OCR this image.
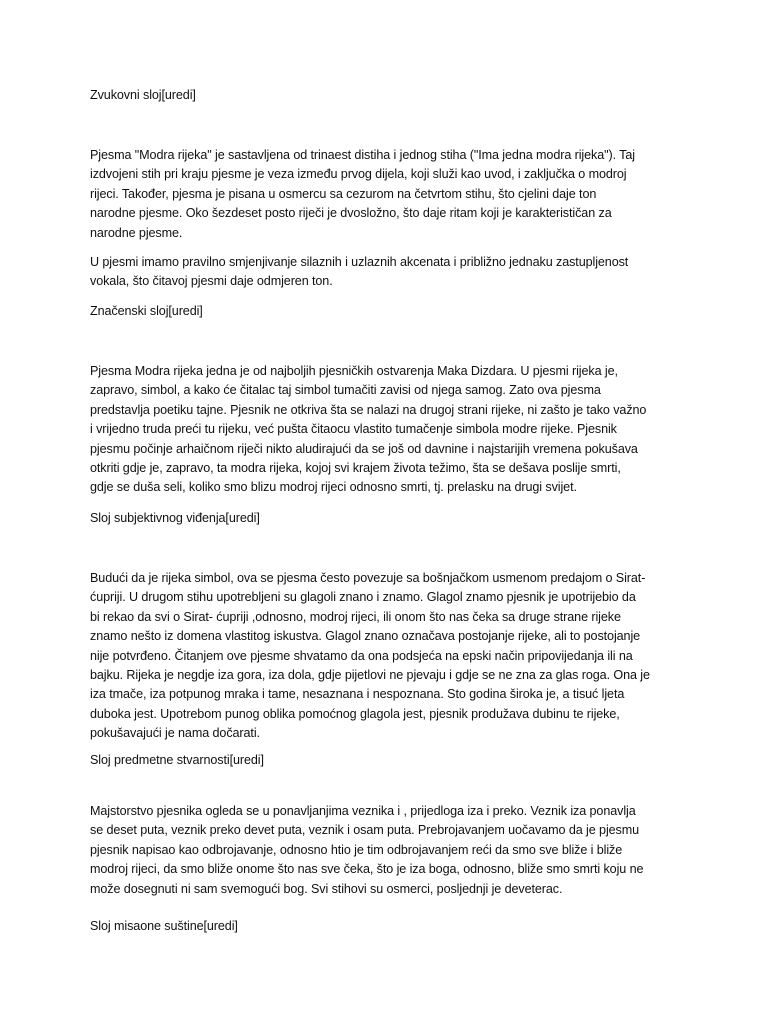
Zvukovni sloj[uredi]

Pjesma "Modra rijeka" je sastavljena od trinaest distiha i jednog stiha ("Ima jedna modra rijeka"). Taj
izdvojeni stih pri kraju pjesme je veza između prvog dijela, koji služi kao uvod, i zaključka o modroj
rijeci. Također, pjesma je pisana u osmercu sa cezurom na četvrtom stihu, što cjelini daje ton
narodne pjesme. Oko šezdeset posto riječi je dvosložno, što daje ritam koji je karakterističan za
narodne pjesme.

U pjesmi imamo pravilno smjenjivanje silaznih i uzlaznih akcenata i približno jednaku zastupljenost
vokala, što čitavoj pjesmi daje odmjeren ton.

Značenski sloj[uredi]

Pjesma Modra rijeka jedna je od najboljih pjesničkih ostvarenja Maka Dizdara. U pjesmi rijeka je,
zapravo, simbol, a kako će čitalac taj simbol tumačiti zavisi od njega samog. Zato ova pjesma
predstavlja poetiku tajne. Pjesnik ne otkriva šta se nalazi na drugoj strani rijeke, ni zašto je tako važno
i vrijedno truda preći tu rijeku, već pušta čitaocu vlastito tumačenje simbola modre rijeke. Pjesnik
pjesmu počinje arhaičnom riječi nikto aludirajući da se još od davnine i najstarijih vremena pokušava
otkriti gdje je, zapravo, ta modra rijeka, kojoj svi krajem života težimo, šta se dešava poslije smrti,
gdje se duša seli, koliko smo blizu modroj rijeci odnosno smrti, tj. prelasku na drugi svijet.

Sloj subjektivnog viđenja[uredi]

Budući da je rijeka simbol, ova se pjesma često povezuje sa bošnjačkom usmenom predajom o Sirat-
ćupriji. U drugom stihu upotrebljeni su glagoli znano i znamo. Glagol znamo pjesnik je upotrijebio da
bi rekao da svi o Sirat- ćupriji ,odnosno, modroj rijeci, ili onom što nas čeka sa druge strane rijeke
znamo nešto iz domena vlastitog iskustva. Glagol znano označava postojanje rijeke, ali to postojanje
nije potvrđeno. Čitanjem ove pjesme shvatamo da ona podsjeća na epski način pripovijedanja ili na
bajku. Rijeka je negdje iza gora, iza dola, gdje pijetlovi ne pjevaju i gdje se ne zna za glas roga. Ona je
iza tmače, iza potpunog mraka i tame, nesaznana i nespoznana. Sto godina široka je, a tisuć ljeta
duboka jest. Upotrebom punog oblika pomoćnog glagola jest, pjesnik produžava dubinu te rijeke,
pokušavajući je nama dočarati.

Sloj predmetne stvarnosti[uredi]

Majstorstvo pjesnika ogleda se u ponavljanjima veznika i , prijedloga iza i preko. Veznik iza ponavlja
se deset puta, veznik preko devet puta, veznik i osam puta. Prebrojavanjem uočavamo da je pjesmu
pjesnik napisao kao odbrojavanje, odnosno htio je tim odbrojavanjem reći da smo sve bliže i bliže
modroj rijeci, da smo bliže onome što nas sve čeka, što je iza boga, odnosno, bliže smo smrti koju ne
može dosegnuti ni sam svemogući bog. Svi stihovi su osmerci, posljednji je deveterac.

Sloj misaone suštine[uredi]
